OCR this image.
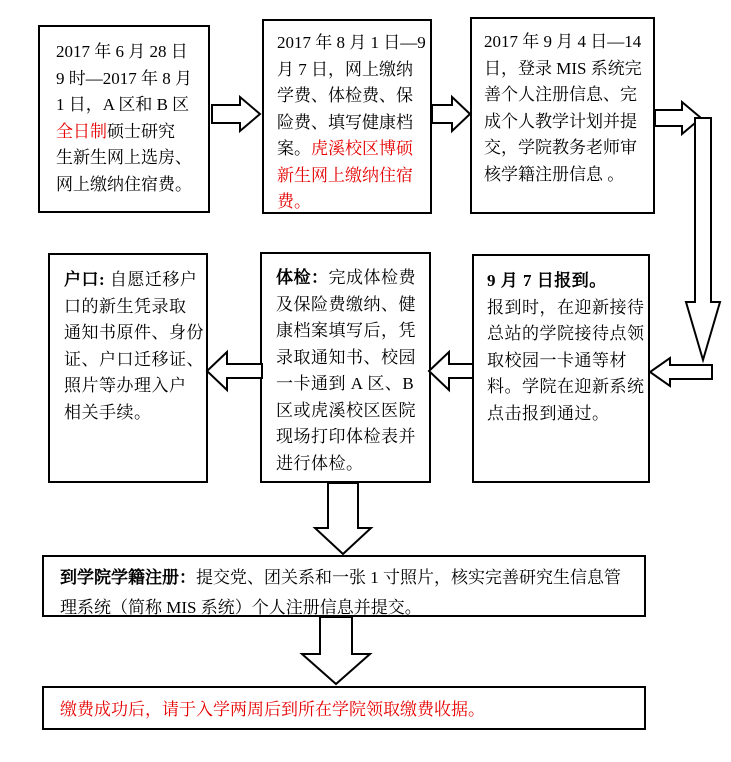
2017 年 6 月 28 日
9 时—2017 年 8 月
1 日，A 区和 B 区
全日制硕士研究
生新生网上选房、
网上缴纳住宿费。
2017 年 8 月 1 日—9
月 7 日，网上缴纳
学费、体检费、保
险费、填写健康档
案。虎溪校区博硕
新生网上缴纳住宿
费。
2017 年 9 月 4 日—14
日，登录 MIS 系统完
善个人注册信息、完
成个人教学计划并提
交，学院教务老师审
核学籍注册信息 。
户口: 自愿迁移户
口的新生凭录取
通知书原件、身份
证、户口迁移证、
照片等办理入户
相关手续。
体检：完成体检费
及保险费缴纳、健
康档案填写后，凭
录取通知书、校园
一卡通到 A 区、B
区或虎溪校区医院
现场打印体检表并
进行体检。
9 月 7 日报到。
报到时，在迎新接待
总站的学院接待点领
取校园一卡通等材
料。学院在迎新系统
点击报到通过。
到学院学籍注册：提交党、团关系和一张 1 寸照片，核实完善研究生信息管
理系统（简称 MIS 系统）个人注册信息并提交。
缴费成功后，请于入学两周后到所在学院领取缴费收据。
